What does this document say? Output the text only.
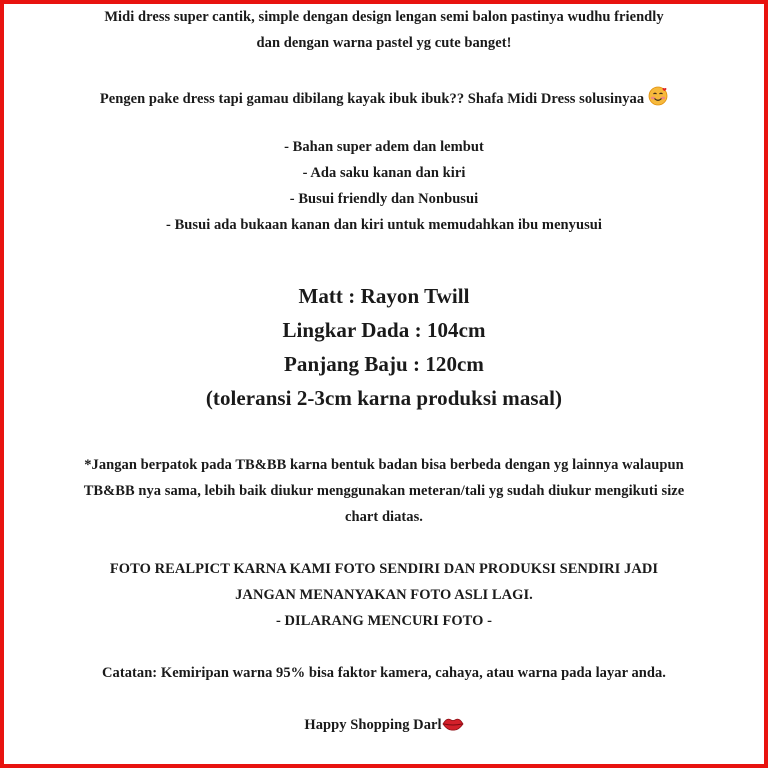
Midi dress super cantik, simple dengan design lengan semi balon pastinya wudhu friendly
dan dengan warna pastel yg cute banget!
Pengen pake dress tapi gamau dibilang kayak ibuk ibuk?? Shafa Midi Dress solusinyaa
- Bahan super adem dan lembut
- Ada saku kanan dan kiri
- Busui friendly dan Nonbusui
- Busui ada bukaan kanan dan kiri untuk memudahkan ibu menyusui
Matt : Rayon Twill
Lingkar Dada : 104cm
Panjang Baju : 120cm
(toleransi 2-3cm karna produksi masal)
*Jangan berpatok pada TB&BB karna bentuk badan bisa berbeda dengan yg lainnya walaupun
TB&BB nya sama, lebih baik diukur menggunakan meteran/tali yg sudah diukur mengikuti size
chart diatas.
FOTO REALPICT KARNA KAMI FOTO SENDIRI DAN PRODUKSI SENDIRI JADI
JANGAN MENANYAKAN FOTO ASLI LAGI.
- DILARANG MENCURI FOTO -
Catatan: Kemiripan warna 95% bisa faktor kamera, cahaya, atau warna pada layar anda.
Happy Shopping Darl
